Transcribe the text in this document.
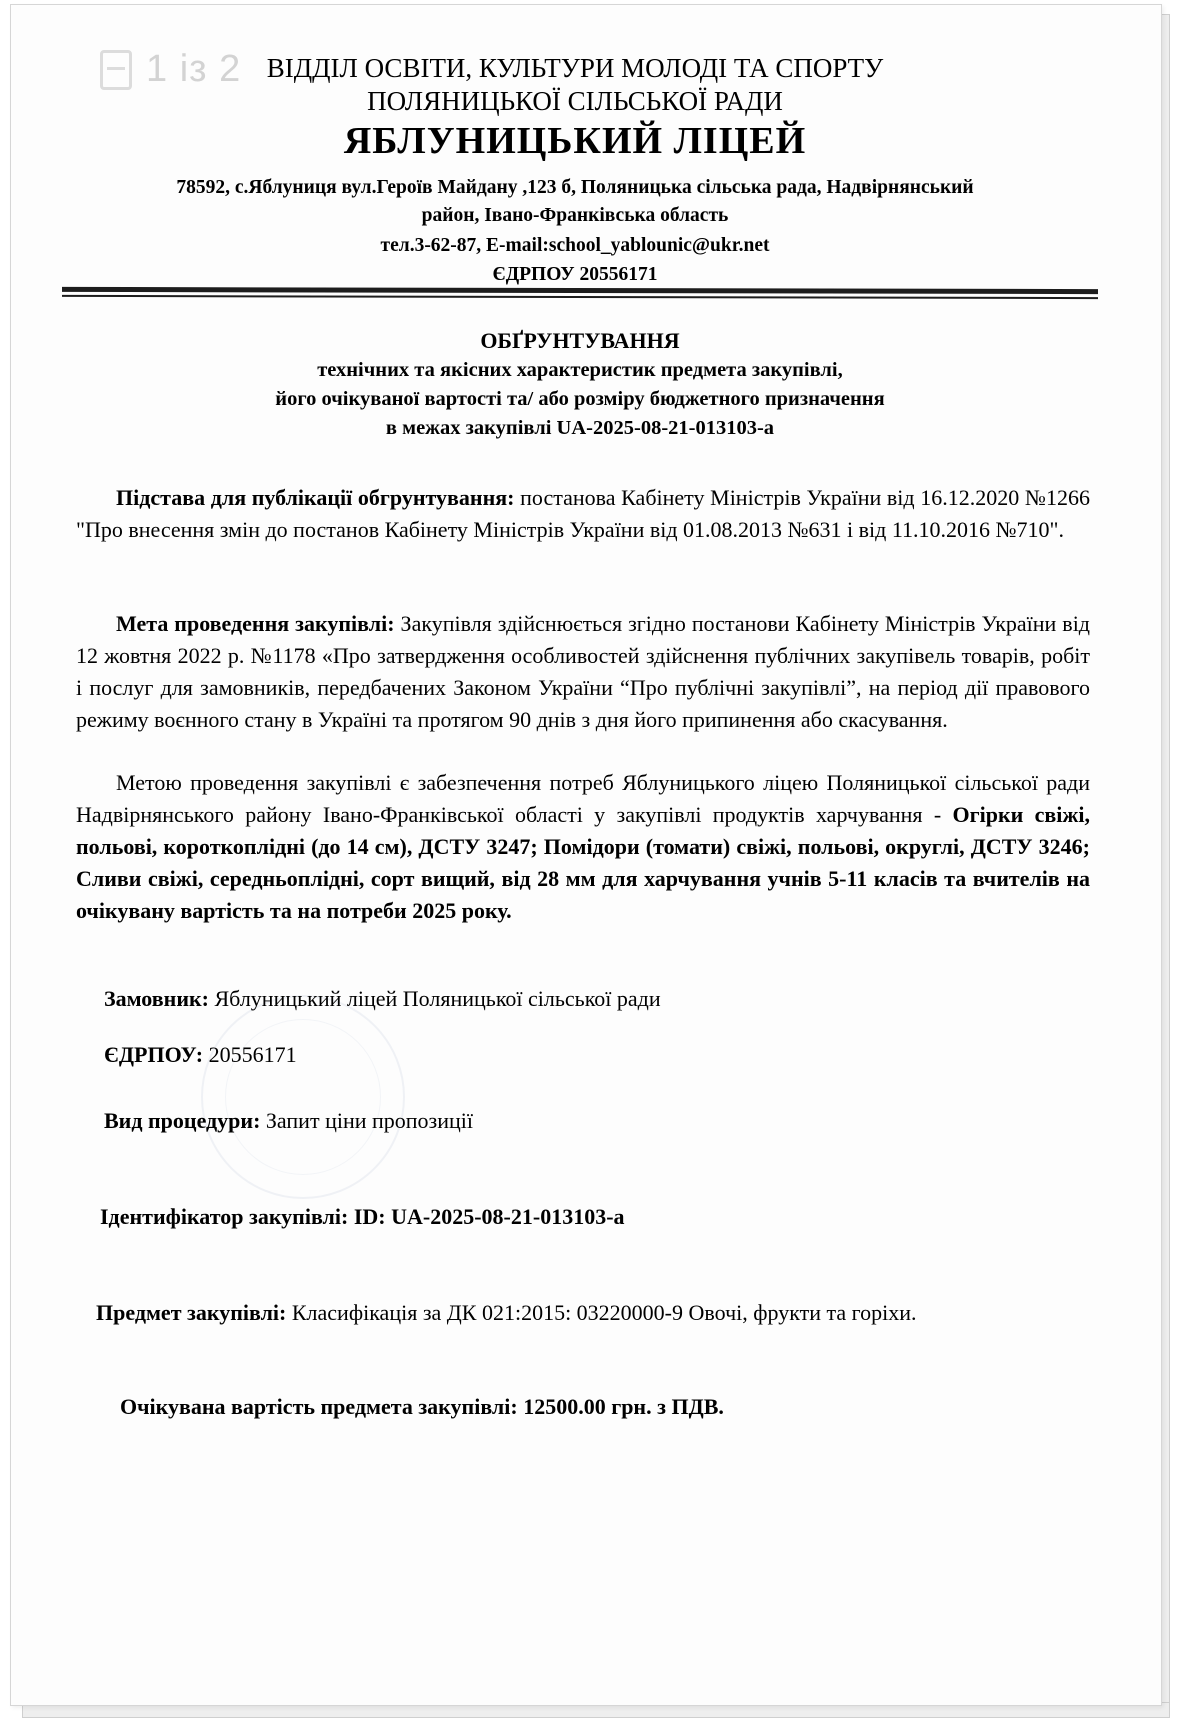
1 із 2 ВІДДІЛ ОСВІТИ, КУЛЬТУРИ МОЛОДІ ТА СПОРТУ
ПОЛЯНИЦЬКОЇ СІЛЬСЬКОЇ РАДИ
ЯБЛУНИЦЬКИЙ ЛІЦЕЙ
78592, с.Яблуниця вул.Героїв Майдану ,123 б, Поляницька сільська рада, Надвірнянський
район, Івано-Франківська область
тел.3-62-87, E-mail:school_yablounic@ukr.net
ЄДРПОУ 20556171
ОБҐРУНТУВАННЯ
технічних та якісних характеристик предмета закупівлі,
його очікуваної вартості та/ або розміру бюджетного призначення
в межах закупівлі UA-2025-08-21-013103-a
Підстава для публікації обгрунтування: постанова Кабінету Міністрів України від 16.12.2020 №1266 "Про внесення змін до постанов Кабінету Міністрів України від 01.08.2013 №631 і від 11.10.2016 №710".
Мета проведення закупівлі: Закупівля здійснюється згідно постанови Кабінету Міністрів України від 12 жовтня 2022 р. №1178 «Про затвердження особливостей здійснення публічних закупівель товарів, робіт і послуг для замовників, передбачених Законом України “Про публічні закупівлі”, на період дії правового режиму воєнного стану в Україні та протягом 90 днів з дня його припинення або скасування.
Метою проведення закупівлі є забезпечення потреб Яблуницького ліцею Поляницької сільської ради Надвірнянського району Івано-Франківської області у закупівлі продуктів харчування - Огірки свіжі, польові, короткоплідні (до 14 см), ДСТУ 3247; Помідори (томати) свіжі, польові, округлі, ДСТУ 3246; Сливи свіжі, середньоплідні, сорт вищий, від 28 мм для харчування учнів 5-11 класів та вчителів на очікувану вартість та на потреби 2025 року.
Замовник: Яблуницький ліцей Поляницької сільської ради
ЄДРПОУ: 20556171
Вид процедури: Запит ціни пропозиції
Ідентифікатор закупівлі: ID: UA-2025-08-21-013103-a
Предмет закупівлі: Класифікація за ДК 021:2015: 03220000-9 Овочі, фрукти та горіхи.
Очікувана вартість предмета закупівлі: 12500.00 грн. з ПДВ.
